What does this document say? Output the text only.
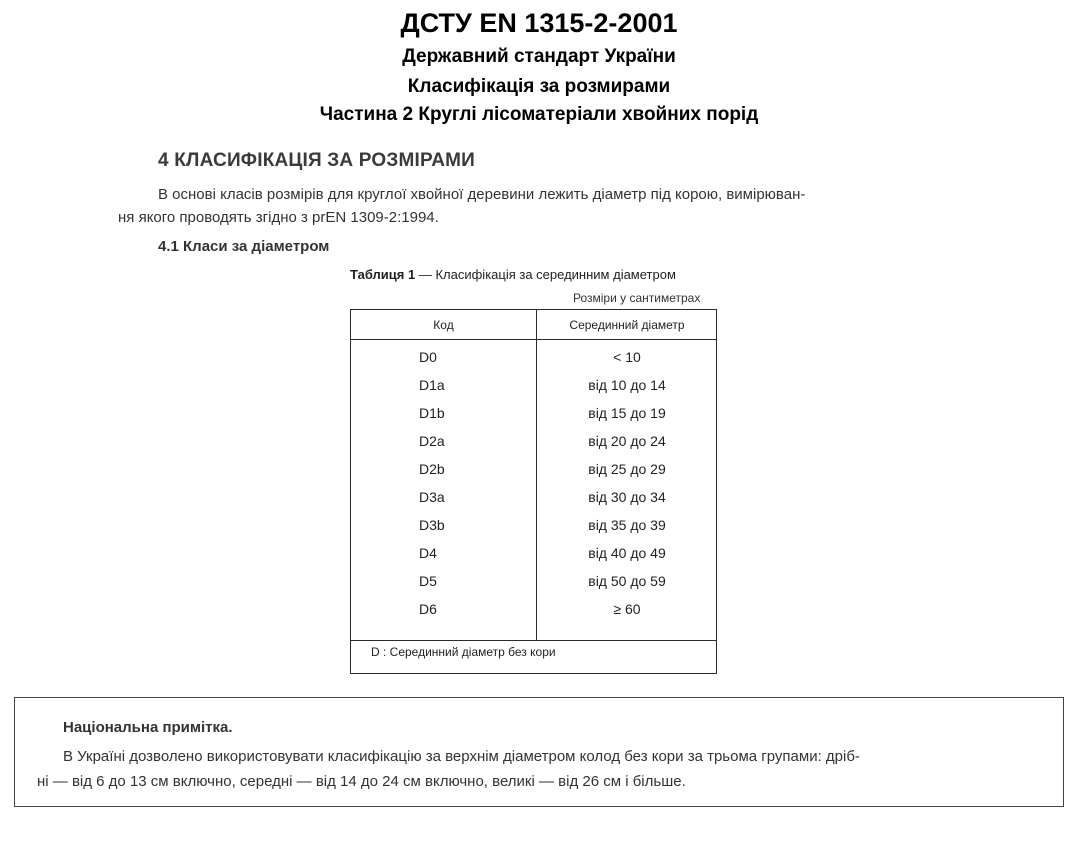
ДСТУ EN 1315-2-2001
Державний стандарт України
Класифікація за розмирами
Частина 2 Круглі лісоматеріали хвойних порід
4 КЛАСИФІКАЦІЯ ЗА РОЗМІРАМИ
В основі класів розмірів для круглої хвойної деревини лежить діаметр під корою, вимірюван-
ня якого проводять згідно з prEN 1309-2:1994.
4.1 Класи за діаметром
Таблиця 1 — Класифікація за серединним діаметром
Розміри у сантиметрах
Код	Серединний діаметр
D0	< 10
D1a	від 10 до 14
D1b	від 15 до 19
D2a	від 20 до 24
D2b	від 25 до 29
D3a	від 30 до 34
D3b	від 35 до 39
D4	від 40 до 49
D5	від 50 до 59
D6	≥ 60
D : Серединний діаметр без кори
Національна примітка.
В Україні дозволено використовувати класифікацію за верхнім діаметром колод без кори за трьома групами: дріб-
ні — від 6 до 13 см включно, середні — від 14 до 24 см включно, великі — від 26 см і більше.
